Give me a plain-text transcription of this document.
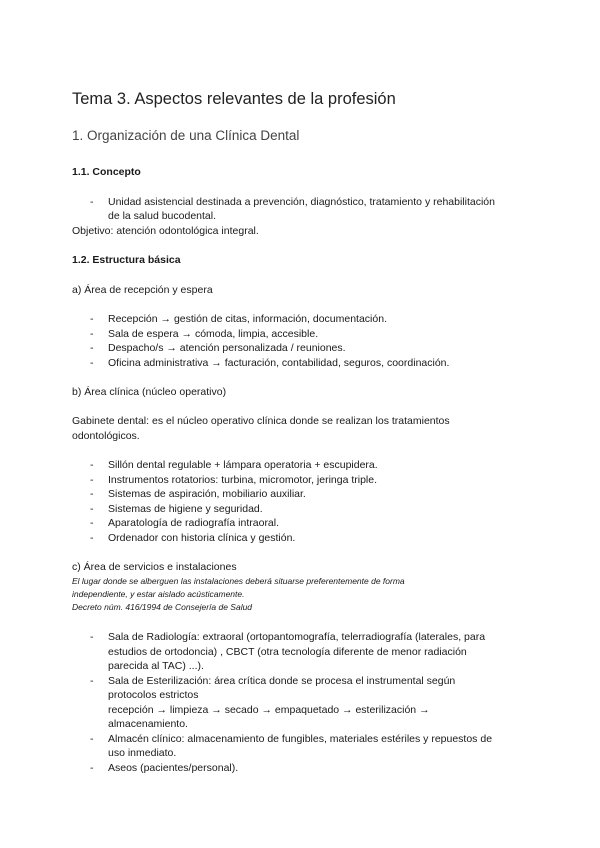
Tema 3. Aspectos relevantes de la profesión
1. Organización de una Clínica Dental
1.1. Concepto
- Unidad asistencial destinada a prevención, diagnóstico, tratamiento y rehabilitación
de la salud bucodental.
Objetivo: atención odontológica integral.
1.2. Estructura básica
a) Área de recepción y espera
- Recepción → gestión de citas, información, documentación.
- Sala de espera → cómoda, limpia, accesible.
- Despacho/s → atención personalizada / reuniones.
- Oficina administrativa → facturación, contabilidad, seguros, coordinación.
b) Área clínica (núcleo operativo)
Gabinete dental: es el núcleo operativo clínica donde se realizan los tratamientos
odontológicos.
- Sillón dental regulable + lámpara operatoria + escupidera.
- Instrumentos rotatorios: turbina, micromotor, jeringa triple.
- Sistemas de aspiración, mobiliario auxiliar.
- Sistemas de higiene y seguridad.
- Aparatología de radiografía intraoral.
- Ordenador con historia clínica y gestión.
c) Área de servicios e instalaciones
El lugar donde se alberguen las instalaciones deberá situarse preferentemente de forma
independiente, y estar aislado acústicamente.
Decreto núm. 416/1994 de Consejería de Salud
- Sala de Radiología: extraoral (ortopantomografía, telerradiografía (laterales, para
estudios de ortodoncia) , CBCT (otra tecnología diferente de menor radiación
parecida al TAC) ...).
- Sala de Esterilización: área crítica donde se procesa el instrumental según
protocolos estrictos
recepción → limpieza → secado → empaquetado → esterilización →
almacenamiento.
- Almacén clínico: almacenamiento de fungibles, materiales estériles y repuestos de
uso inmediato.
- Aseos (pacientes/personal).
